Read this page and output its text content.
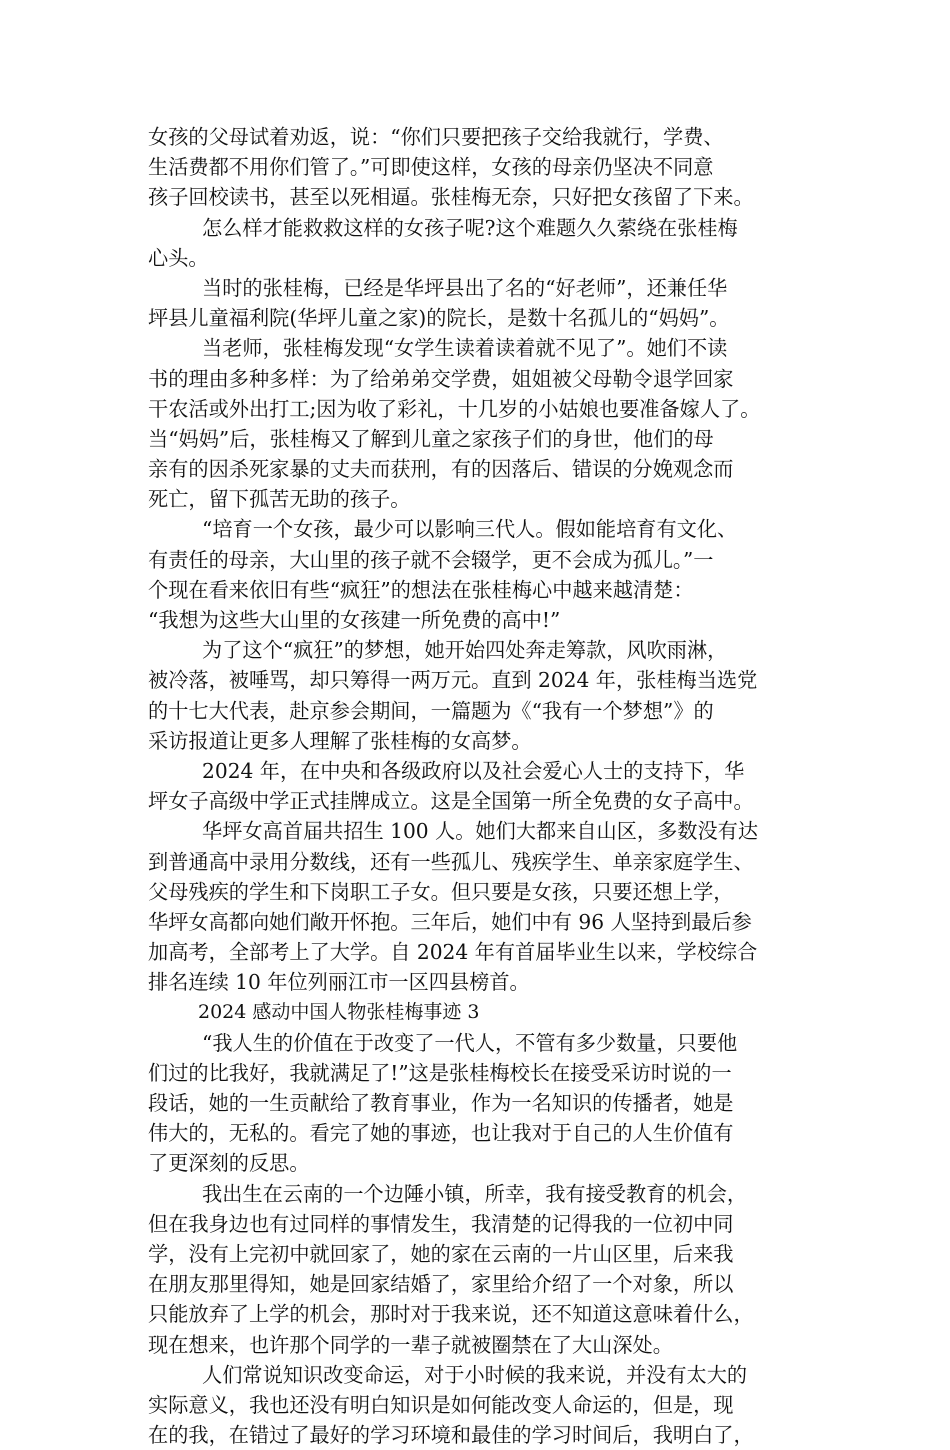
女孩的父母试着劝返，说：“你们只要把孩子交给我就行，学费、
生活费都不用你们管了。”可即使这样，女孩的母亲仍坚决不同意
孩子回校读书，甚至以死相逼。张桂梅无奈，只好把女孩留了下来。
怎么样才能救救这样的女孩子呢?这个难题久久萦绕在张桂梅
心头。
当时的张桂梅，已经是华坪县出了名的“好老师”，还兼任华
坪县儿童福利院(华坪儿童之家)的院长，是数十名孤儿的“妈妈”。
当老师，张桂梅发现“女学生读着读着就不见了”。她们不读
书的理由多种多样：为了给弟弟交学费，姐姐被父母勒令退学回家
干农活或外出打工;因为收了彩礼，十几岁的小姑娘也要准备嫁人了。
当“妈妈”后，张桂梅又了解到儿童之家孩子们的身世，他们的母
亲有的因杀死家暴的丈夫而获刑，有的因落后、错误的分娩观念而
死亡，留下孤苦无助的孩子。
“培育一个女孩，最少可以影响三代人。假如能培育有文化、
有责任的母亲，大山里的孩子就不会辍学，更不会成为孤儿。”一
个现在看来依旧有些“疯狂”的想法在张桂梅心中越来越清楚：
“我想为这些大山里的女孩建一所免费的高中!”
为了这个“疯狂”的梦想，她开始四处奔走筹款，风吹雨淋，
被冷落，被唾骂，却只筹得一两万元。直到 2024 年，张桂梅当选党
的十七大代表，赴京参会期间，一篇题为《“我有一个梦想”》的
采访报道让更多人理解了张桂梅的女高梦。
2024 年，在中央和各级政府以及社会爱心人士的支持下，华
坪女子高级中学正式挂牌成立。这是全国第一所全免费的女子高中。
华坪女高首届共招生 100 人。她们大都来自山区，多数没有达
到普通高中录用分数线，还有一些孤儿、残疾学生、单亲家庭学生、
父母残疾的学生和下岗职工子女。但只要是女孩，只要还想上学，
华坪女高都向她们敞开怀抱。三年后，她们中有 96 人坚持到最后参
加高考，全部考上了大学。自 2024 年有首届毕业生以来，学校综合
排名连续 10 年位列丽江市一区四县榜首。
2024 感动中国人物张桂梅事迹 3
“我人生的价值在于改变了一代人，不管有多少数量，只要他
们过的比我好，我就满足了!”这是张桂梅校长在接受采访时说的一
段话，她的一生贡献给了教育事业，作为一名知识的传播者，她是
伟大的，无私的。看完了她的事迹，也让我对于自己的人生价值有
了更深刻的反思。
我出生在云南的一个边陲小镇，所幸，我有接受教育的机会，
但在我身边也有过同样的事情发生，我清楚的记得我的一位初中同
学，没有上完初中就回家了，她的家在云南的一片山区里，后来我
在朋友那里得知，她是回家结婚了，家里给介绍了一个对象，所以
只能放弃了上学的机会，那时对于我来说，还不知道这意味着什么，
现在想来，也许那个同学的一辈子就被圈禁在了大山深处。
人们常说知识改变命运，对于小时候的我来说，并没有太大的
实际意义，我也还没有明白知识是如何能改变人命运的，但是，现
在的我，在错过了最好的学习环境和最佳的学习时间后，我明白了，
